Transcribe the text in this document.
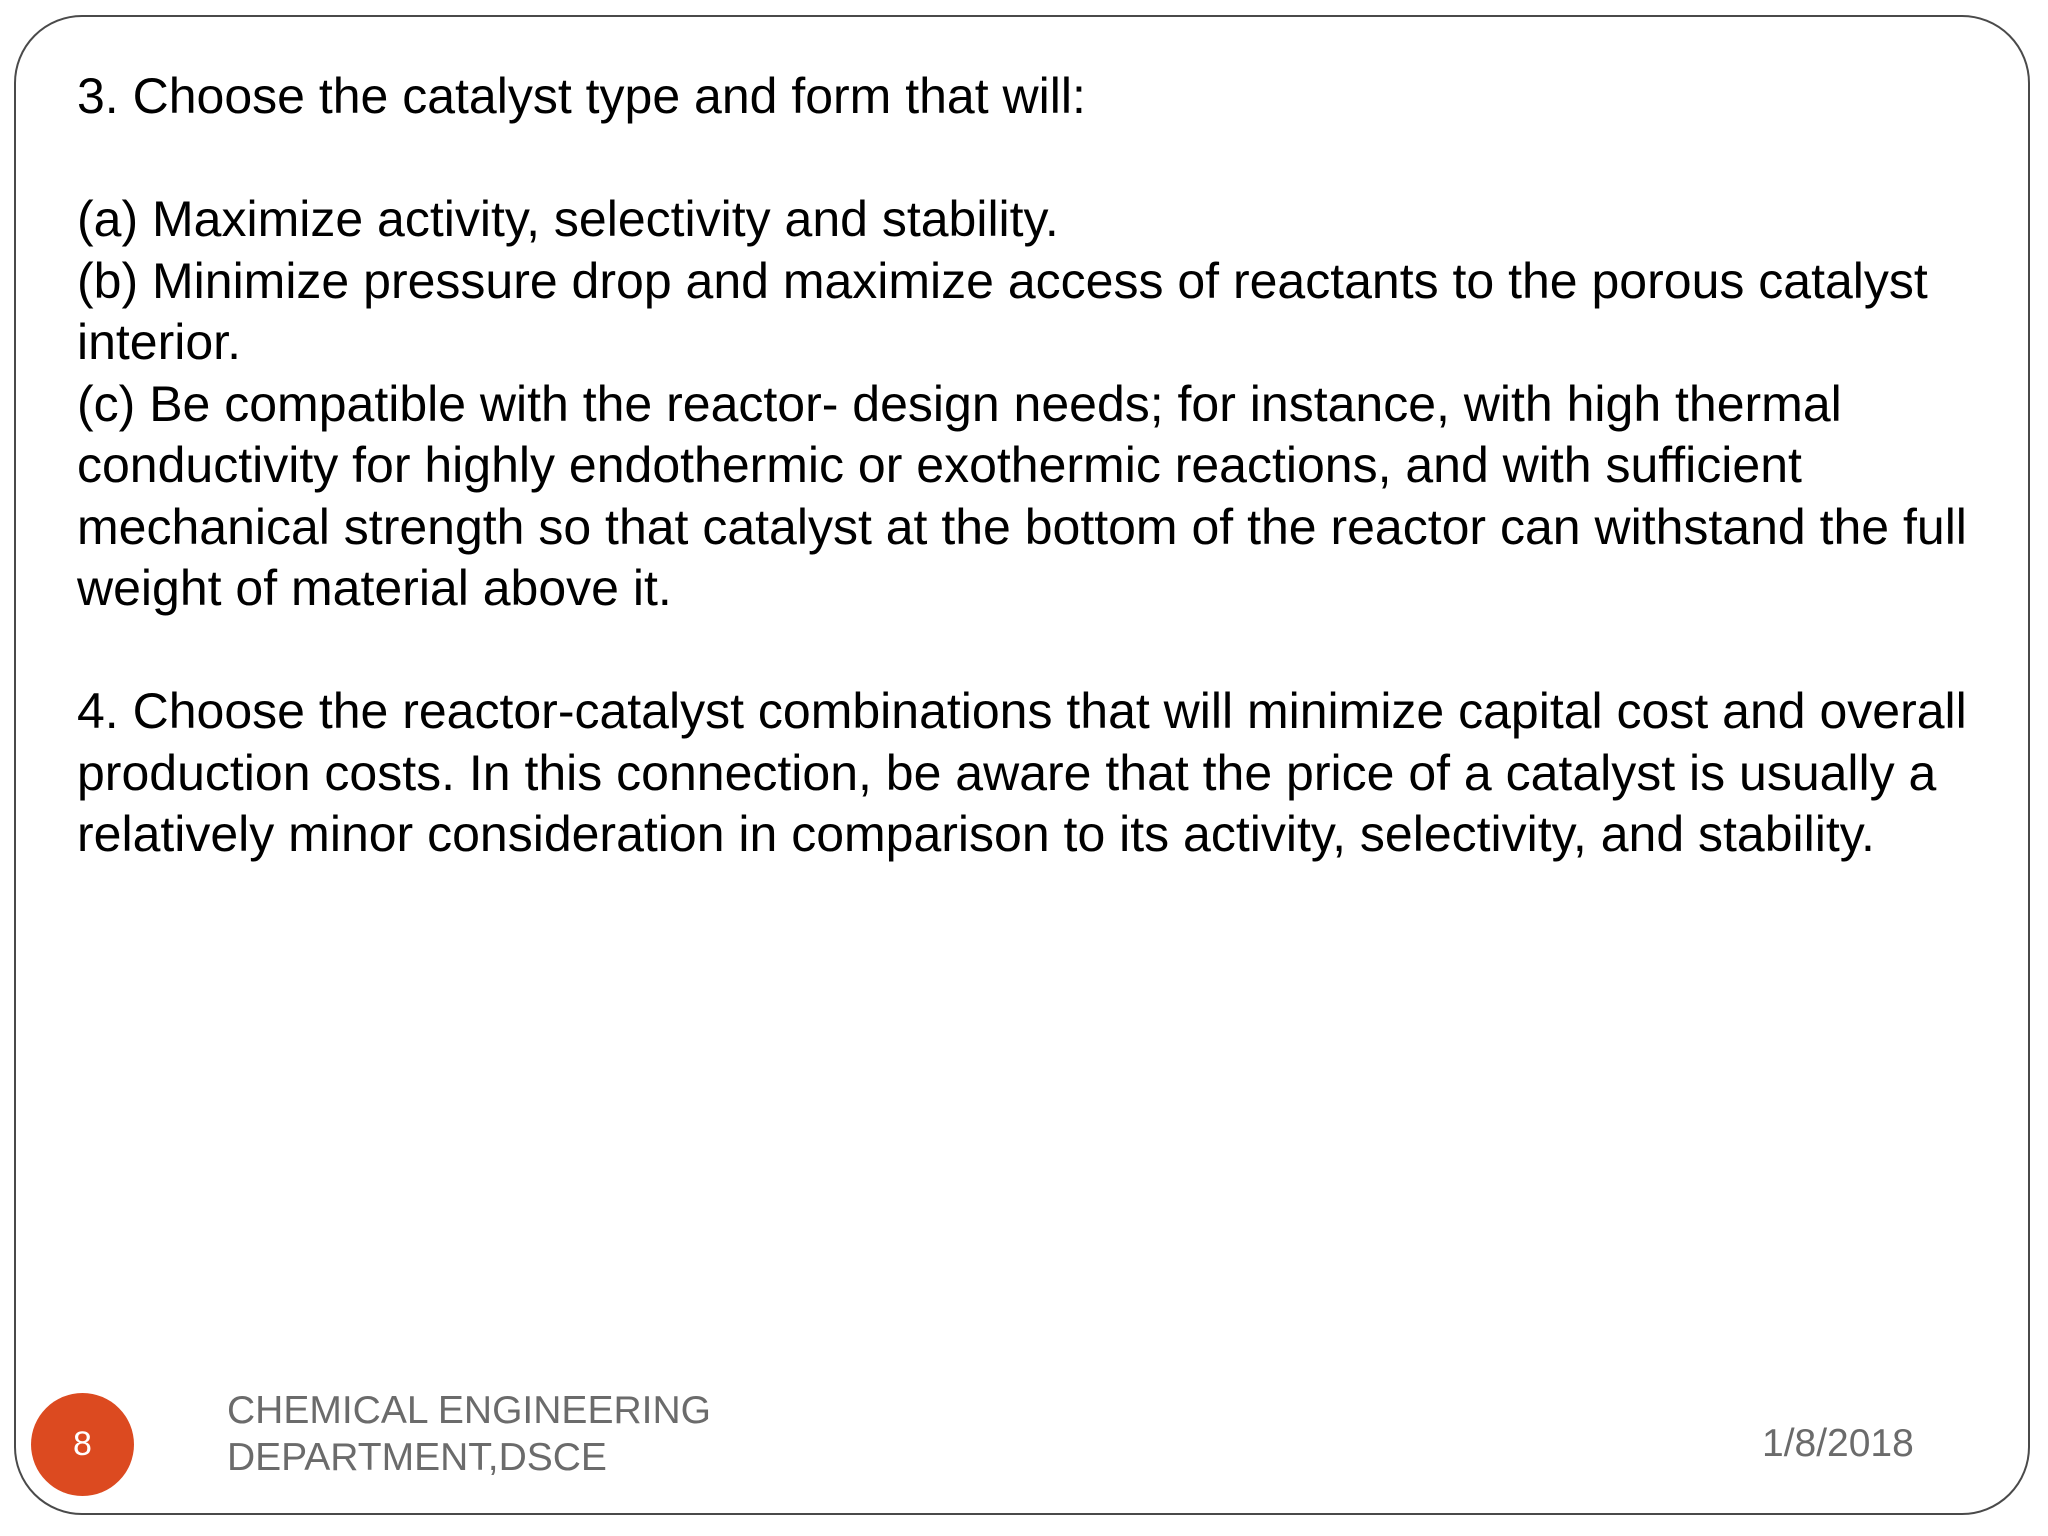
3. Choose the catalyst type and form that will:

(a) Maximize activity, selectivity and stability.

(b) Minimize pressure drop and maximize access of reactants to the porous catalyst interior.

(c) Be compatible with the reactor- design needs; for instance, with high thermal conductivity for highly endothermic or exothermic reactions, and with sufficient mechanical strength so that catalyst at the bottom of the reactor can withstand the full weight of material above it.

4. Choose the reactor-catalyst combinations that will minimize capital cost and overall production costs. In this connection, be aware that the price of a catalyst is usually a relatively minor consideration in comparison to its activity, selectivity, and stability.

8
CHEMICAL ENGINEERING
DEPARTMENT,DSCE	1/8/2018
